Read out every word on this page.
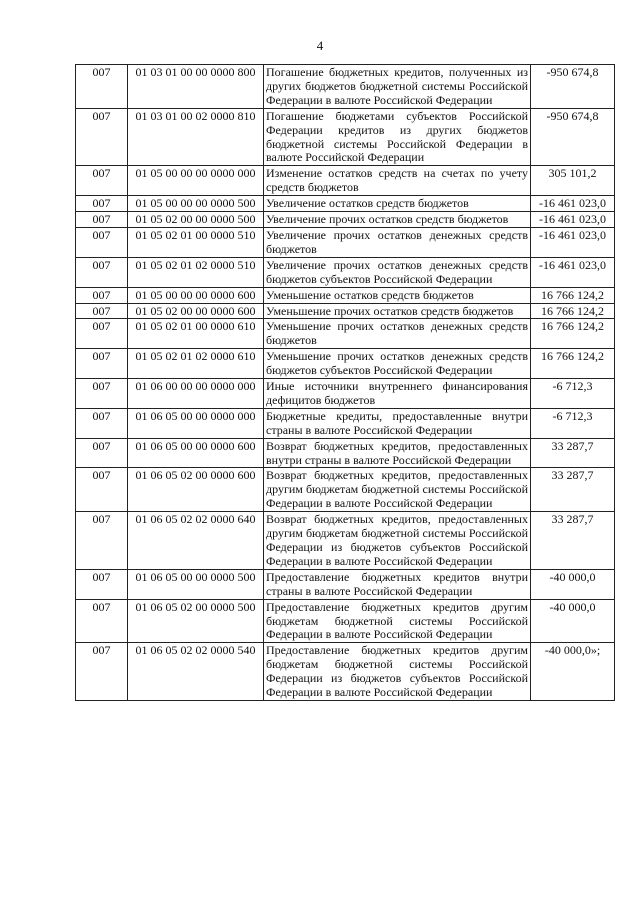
4
007	01 03 01 00 00 0000 800	Погашение бюджетных кредитов, полученных из других бюджетов бюджетной системы Российской Федерации в валюте Российской Федерации	-950 674,8
007	01 03 01 00 02 0000 810	Погашение бюджетами субъектов Российской Федерации кредитов из других бюджетов бюджетной системы Российской Федерации в валюте Российской Федерации	-950 674,8
007	01 05 00 00 00 0000 000	Изменение остатков средств на счетах по учету средств бюджетов	305 101,2
007	01 05 00 00 00 0000 500	Увеличение остатков средств бюджетов	-16 461 023,0
007	01 05 02 00 00 0000 500	Увеличение прочих остатков средств бюджетов	-16 461 023,0
007	01 05 02 01 00 0000 510	Увеличение прочих остатков денежных средств бюджетов	-16 461 023,0
007	01 05 02 01 02 0000 510	Увеличение прочих остатков денежных средств бюджетов субъектов Российской Федерации	-16 461 023,0
007	01 05 00 00 00 0000 600	Уменьшение остатков средств бюджетов	16 766 124,2
007	01 05 02 00 00 0000 600	Уменьшение прочих остатков средств бюджетов	16 766 124,2
007	01 05 02 01 00 0000 610	Уменьшение прочих остатков денежных средств бюджетов	16 766 124,2
007	01 05 02 01 02 0000 610	Уменьшение прочих остатков денежных средств бюджетов субъектов Российской Федерации	16 766 124,2
007	01 06 00 00 00 0000 000	Иные источники внутреннего финансирования дефицитов бюджетов	-6 712,3
007	01 06 05 00 00 0000 000	Бюджетные кредиты, предоставленные внутри страны в валюте Российской Федерации	-6 712,3
007	01 06 05 00 00 0000 600	Возврат бюджетных кредитов, предоставленных внутри страны в валюте Российской Федерации	33 287,7
007	01 06 05 02 00 0000 600	Возврат бюджетных кредитов, предоставленных другим бюджетам бюджетной системы Российской Федерации в валюте Российской Федерации	33 287,7
007	01 06 05 02 02 0000 640	Возврат бюджетных кредитов, предоставленных другим бюджетам бюджетной системы Российской Федерации из бюджетов субъектов Российской Федерации в валюте Российской Федерации	33 287,7
007	01 06 05 00 00 0000 500	Предоставление бюджетных кредитов внутри страны в валюте Российской Федерации	-40 000,0
007	01 06 05 02 00 0000 500	Предоставление бюджетных кредитов другим бюджетам бюджетной системы Российской Федерации в валюте Российской Федерации	-40 000,0
007	01 06 05 02 02 0000 540	Предоставление бюджетных кредитов другим бюджетам бюджетной системы Российской Федерации из бюджетов субъектов Российской Федерации в валюте Российской Федерации	-40 000,0»;
